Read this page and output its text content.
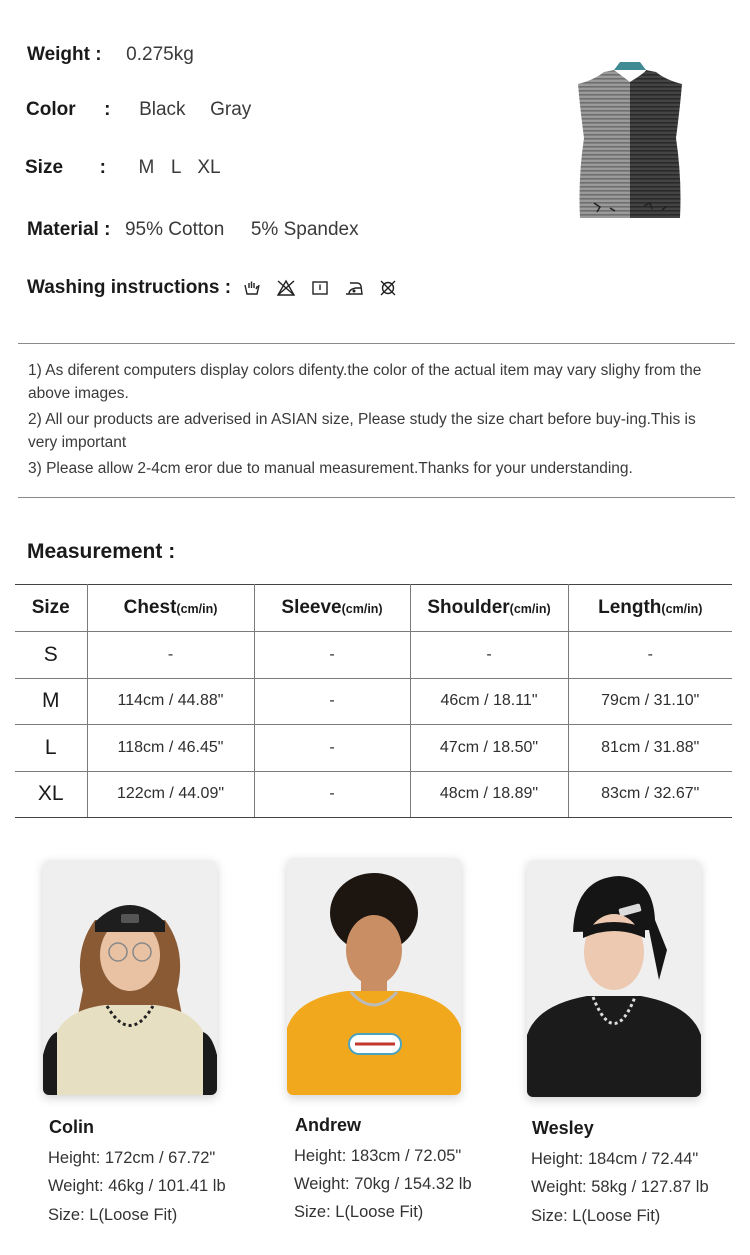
Weight : 0.275kg
Color : Black Gray
Size : M L XL
Material : 95% Cotton 5% Spandex
Washing instructions :

1) As diferent computers display colors difenty.the color of the actual item may vary slighy from the above images.

2) All our products are adverised in ASIAN size, Please study the size chart before buy-ing.This is very important

3) Please allow 2-4cm eror due to manual measurement.Thanks for your understanding.

Measurement :
Size	Chest(cm/in)	Sleeve(cm/in)	Shoulder(cm/in)	Length(cm/in)
S	-	-	-	-
M	114cm / 44.88"	-	46cm / 18.11"	79cm / 31.10"
L	118cm / 46.45"	-	47cm / 18.50"	81cm / 31.88"
XL	122cm / 44.09"	-	48cm / 18.89"	83cm / 32.67"
Colin
Height: 172cm / 67.72"
Weight: 46kg / 101.41 lb
Size: L(Loose Fit)
Andrew
Height: 183cm / 72.05"
Weight: 70kg / 154.32 lb
Size: L(Loose Fit)
Wesley
Height: 184cm / 72.44"
Weight: 58kg / 127.87 lb
Size: L(Loose Fit)
